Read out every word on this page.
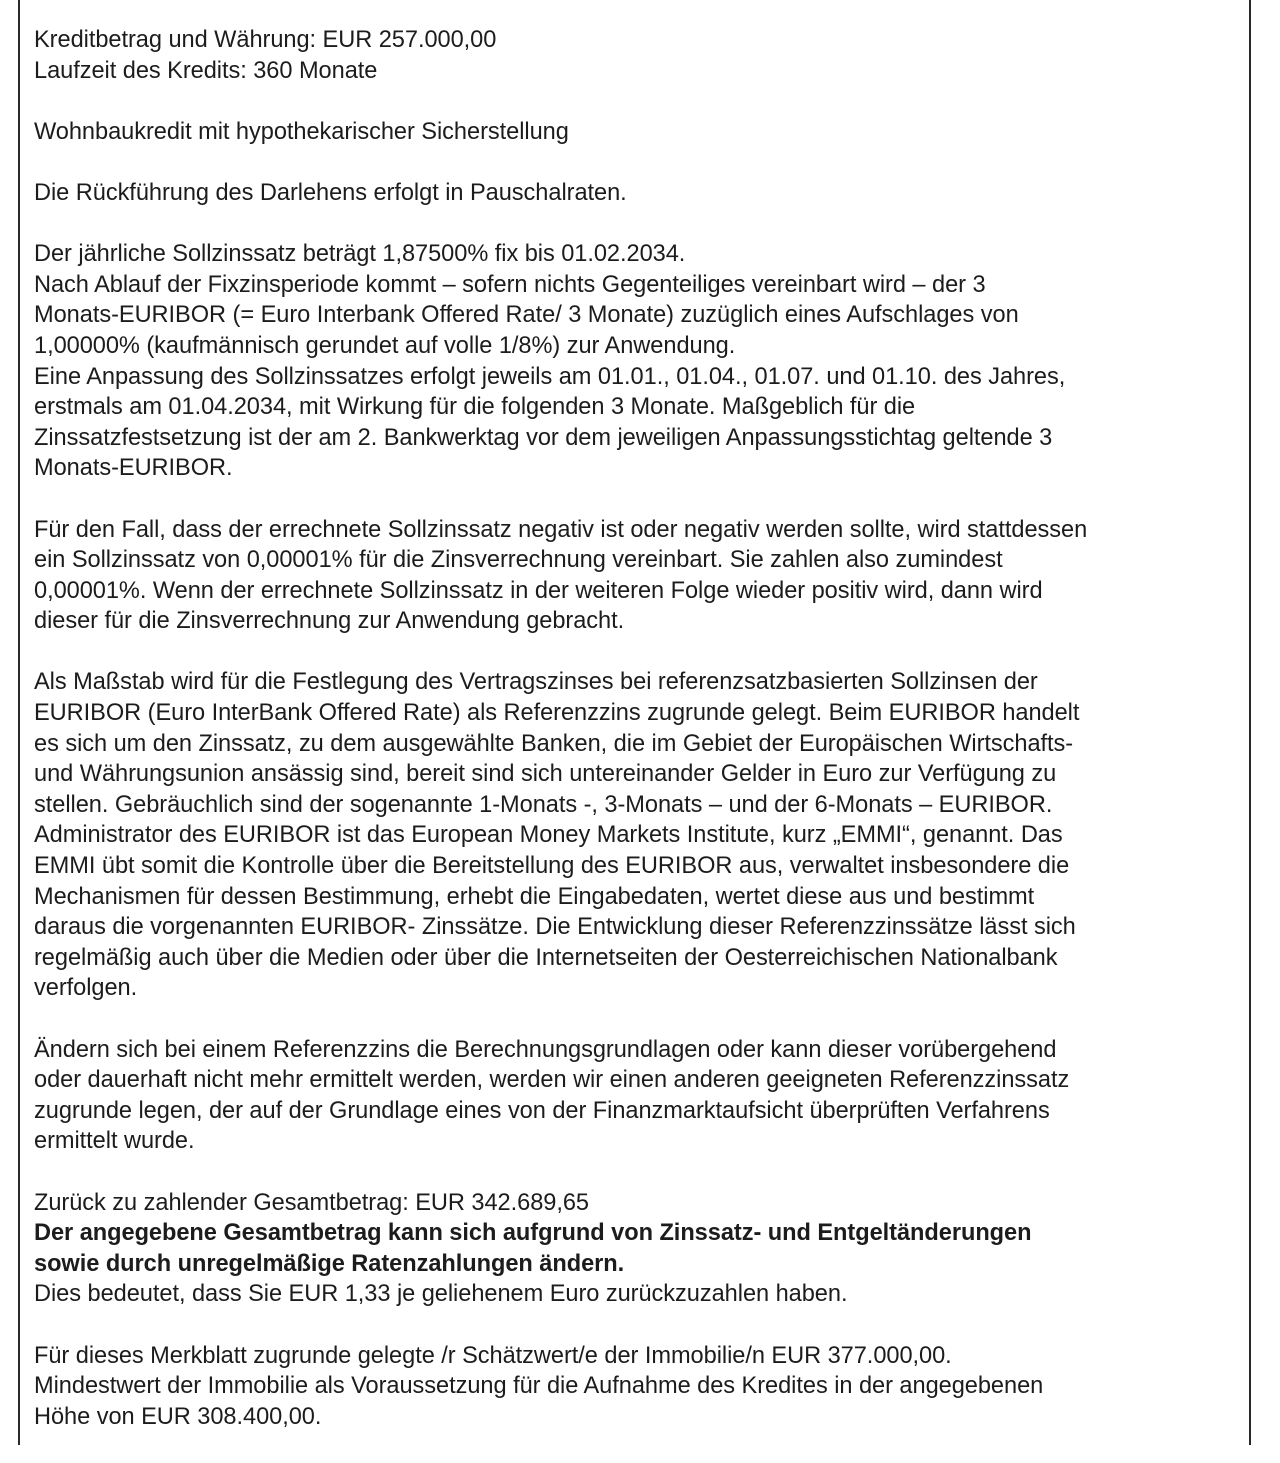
Kreditbetrag und Währung: EUR 257.000,00
Laufzeit des Kredits: 360 Monate
Wohnbaukredit mit hypothekarischer Sicherstellung
Die Rückführung des Darlehens erfolgt in Pauschalraten.
Der jährliche Sollzinssatz beträgt 1,87500% fix bis 01.02.2034.
Nach Ablauf der Fixzinsperiode kommt – sofern nichts Gegenteiliges vereinbart wird – der 3
Monats-EURIBOR (= Euro Interbank Offered Rate/ 3 Monate) zuzüglich eines Aufschlages von
1,00000% (kaufmännisch gerundet auf volle 1/8%) zur Anwendung.
Eine Anpassung des Sollzinssatzes erfolgt jeweils am 01.01., 01.04., 01.07. und 01.10. des Jahres,
erstmals am 01.04.2034, mit Wirkung für die folgenden 3 Monate. Maßgeblich für die
Zinssatzfestsetzung ist der am 2. Bankwerktag vor dem jeweiligen Anpassungsstichtag geltende 3
Monats-EURIBOR.
Für den Fall, dass der errechnete Sollzinssatz negativ ist oder negativ werden sollte, wird stattdessen
ein Sollzinssatz von 0,00001% für die Zinsverrechnung vereinbart. Sie zahlen also zumindest
0,00001%. Wenn der errechnete Sollzinssatz in der weiteren Folge wieder positiv wird, dann wird
dieser für die Zinsverrechnung zur Anwendung gebracht.
Als Maßstab wird für die Festlegung des Vertragszinses bei referenzsatzbasierten Sollzinsen der
EURIBOR (Euro InterBank Offered Rate) als Referenzzins zugrunde gelegt. Beim EURIBOR handelt
es sich um den Zinssatz, zu dem ausgewählte Banken, die im Gebiet der Europäischen Wirtschafts-
und Währungsunion ansässig sind, bereit sind sich untereinander Gelder in Euro zur Verfügung zu
stellen. Gebräuchlich sind der sogenannte 1-Monats -, 3-Monats – und der 6-Monats – EURIBOR.
Administrator des EURIBOR ist das European Money Markets Institute, kurz „EMMI“, genannt. Das
EMMI übt somit die Kontrolle über die Bereitstellung des EURIBOR aus, verwaltet insbesondere die
Mechanismen für dessen Bestimmung, erhebt die Eingabedaten, wertet diese aus und bestimmt
daraus die vorgenannten EURIBOR- Zinssätze. Die Entwicklung dieser Referenzzinssätze lässt sich
regelmäßig auch über die Medien oder über die Internetseiten der Oesterreichischen Nationalbank
verfolgen.
Ändern sich bei einem Referenzzins die Berechnungsgrundlagen oder kann dieser vorübergehend
oder dauerhaft nicht mehr ermittelt werden, werden wir einen anderen geeigneten Referenzzinssatz
zugrunde legen, der auf der Grundlage eines von der Finanzmarktaufsicht überprüften Verfahrens
ermittelt wurde.
Zurück zu zahlender Gesamtbetrag: EUR 342.689,65
Der angegebene Gesamtbetrag kann sich aufgrund von Zinssatz- und Entgeltänderungen
sowie durch unregelmäßige Ratenzahlungen ändern.
Dies bedeutet, dass Sie EUR 1,33 je geliehenem Euro zurückzuzahlen haben.
Für dieses Merkblatt zugrunde gelegte /r Schätzwert/e der Immobilie/n EUR 377.000,00.
Mindestwert der Immobilie als Voraussetzung für die Aufnahme des Kredites in der angegebenen
Höhe von EUR 308.400,00.
